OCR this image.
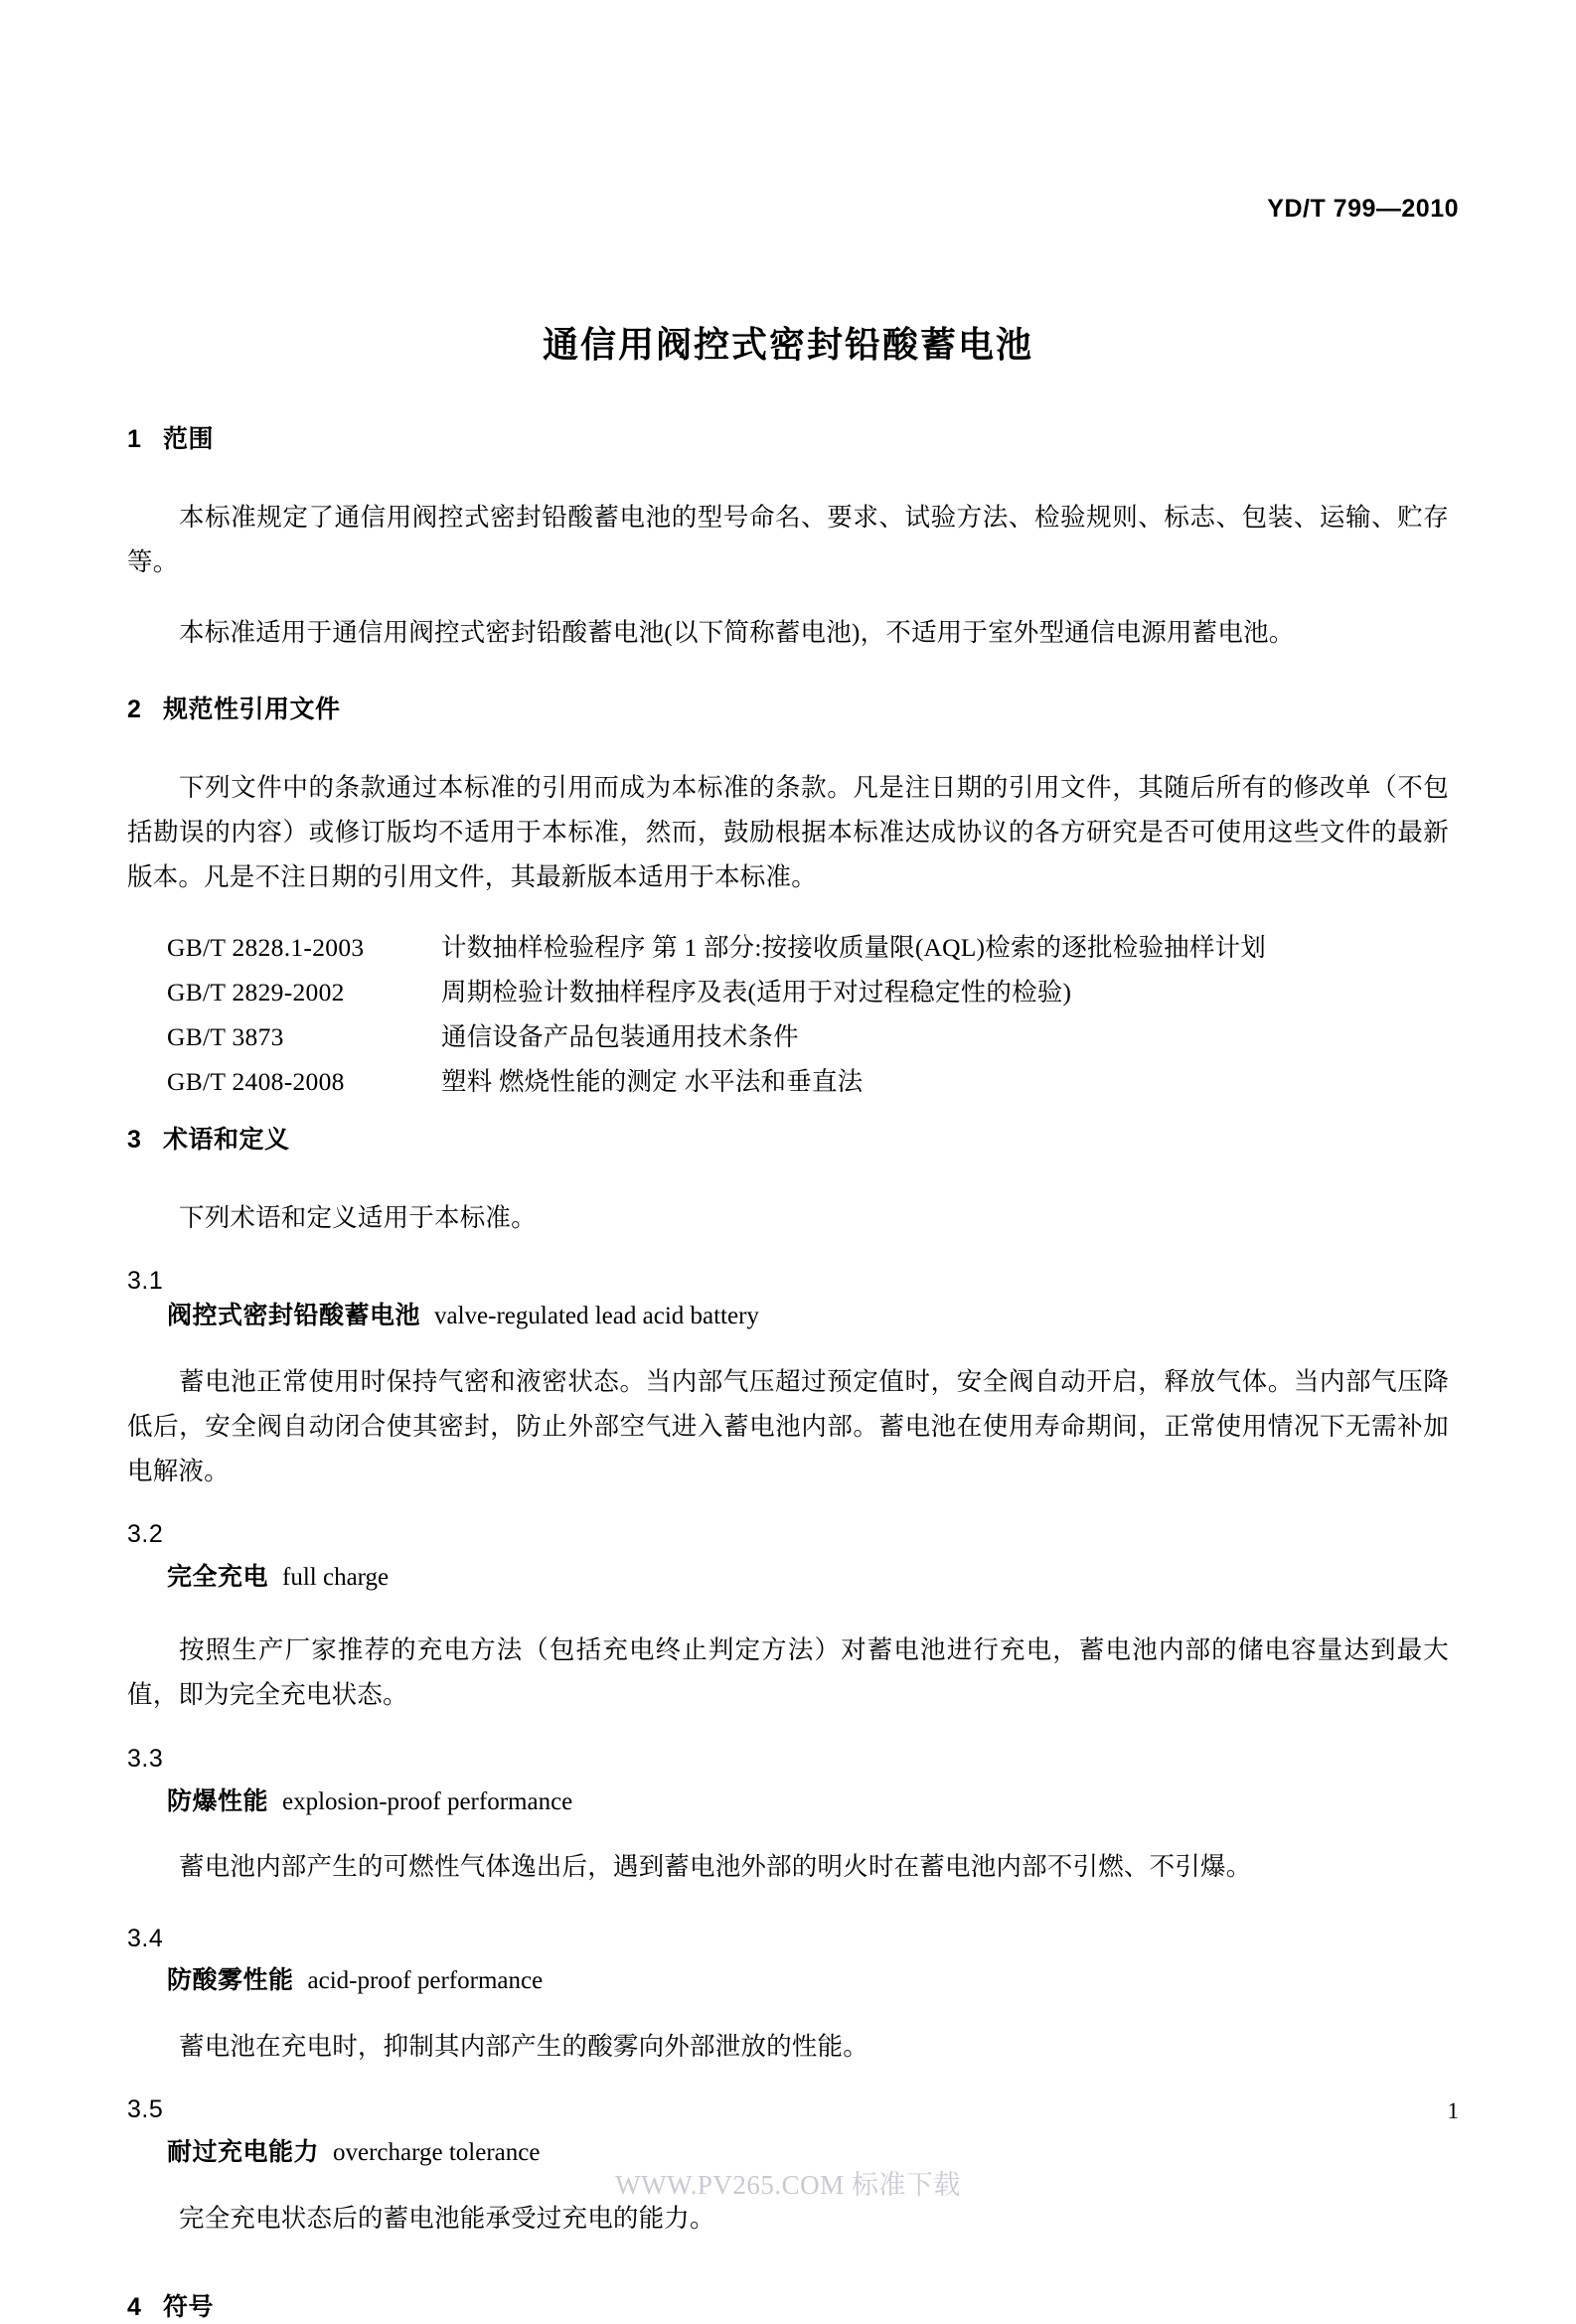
YD/T 799—2010
通信用阀控式密封铅酸蓄电池
1 范围

本标准规定了通信用阀控式密封铅酸蓄电池的型号命名、要求、试验方法、检验规则、标志、包装、运输、贮存等。

本标准适用于通信用阀控式密封铅酸蓄电池(以下简称蓄电池)，不适用于室外型通信电源用蓄电池。

2 规范性引用文件

下列文件中的条款通过本标准的引用而成为本标准的条款。凡是注日期的引用文件，其随后所有的修改单（不包括勘误的内容）或修订版均不适用于本标准，然而，鼓励根据本标准达成协议的各方研究是否可使用这些文件的最新版本。凡是不注日期的引用文件，其最新版本适用于本标准。

GB/T 2828.1-2003	计数抽样检验程序 第 1 部分:按接收质量限(AQL)检索的逐批检验抽样计划
GB/T 2829-2002	周期检验计数抽样程序及表(适用于对过程稳定性的检验)
GB/T 3873	通信设备产品包装通用技术条件
GB/T 2408-2008	塑料 燃烧性能的测定 水平法和垂直法
3 术语和定义

下列术语和定义适用于本标准。

3.1
阀控式密封铅酸蓄电池 valve-regulated lead acid battery

蓄电池正常使用时保持气密和液密状态。当内部气压超过预定值时，安全阀自动开启，释放气体。当内部气压降低后，安全阀自动闭合使其密封，防止外部空气进入蓄电池内部。蓄电池在使用寿命期间，正常使用情况下无需补加电解液。

3.2
完全充电 full charge

按照生产厂家推荐的充电方法（包括充电终止判定方法）对蓄电池进行充电，蓄电池内部的储电容量达到最大值，即为完全充电状态。

3.3
防爆性能 explosion-proof performance

蓄电池内部产生的可燃性气体逸出后，遇到蓄电池外部的明火时在蓄电池内部不引燃、不引爆。

3.4
防酸雾性能 acid-proof performance

蓄电池在充电时，抑制其内部产生的酸雾向外部泄放的性能。

3.5
耐过充电能力 overcharge tolerance

完全充电状态后的蓄电池能承受过充电的能力。

4 符号
1
WWW.PV265.COM 标准下载
